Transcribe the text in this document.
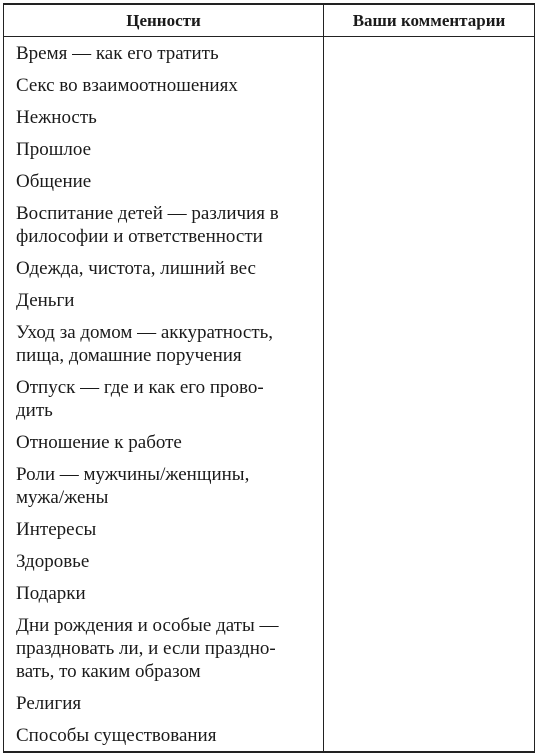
Ценности	Ваши комментарии

Время — как его тратить	

Секс во взаимоотношениях	

Нежность	

Прошлое	

Общение	

Воспитание детей — различия в
философии и ответственности	

Одежда, чистота, лишний вес	

Деньги	

Уход за домом — аккуратность,
пища, домашние поручения	

Отпуск — где и как его прово-
дить	

Отношение к работе	

Роли — мужчины/женщины,
мужа/жены	

Интересы	

Здоровье	

Подарки	

Дни рождения и особые даты —
праздновать ли, и если праздно-
вать, то каким образом	

Религия	

Способы существования	
